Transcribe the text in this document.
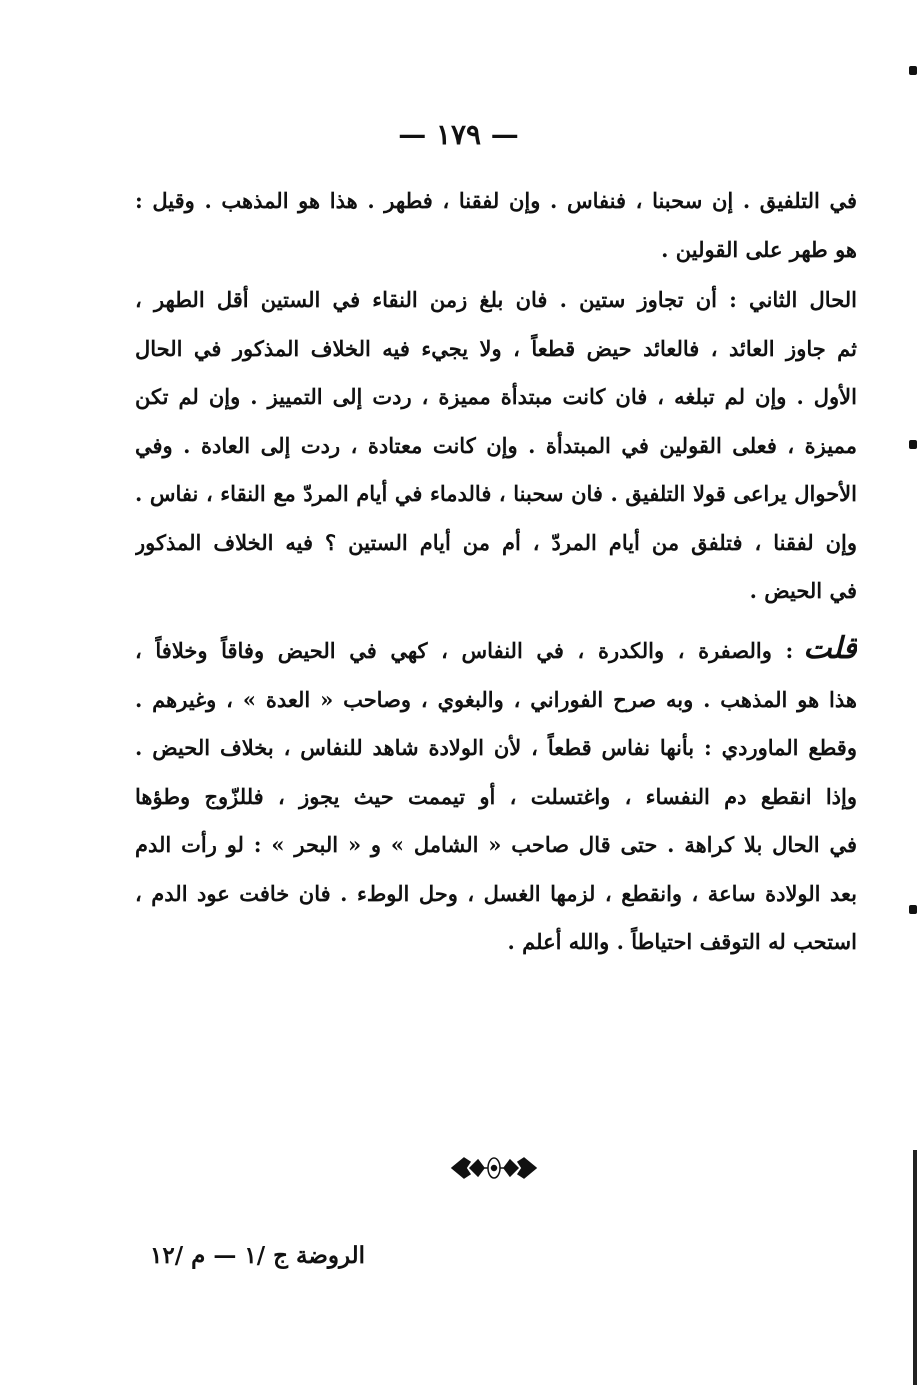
— ١٧٩ —
في التلفيق . إن سحبنا ، فنفاس . وإن لفقنا ، فطهر . هذا هو المذهب . وقيل :
هو طهر على القولين .
الحال الثاني : أن تجاوز ستين . فان بلغ زمن النقاء في الستين أقل الطهر ،
ثم جاوز العائد ، فالعائد حيض قطعاً ، ولا يجيء فيه الخلاف المذكور في الحال
الأول . وإن لم تبلغه ، فان كانت مبتدأة مميزة ، ردت إلى التمييز . وإن لم تكن
مميزة ، فعلى القولين في المبتدأة . وإن كانت معتادة ، ردت إلى العادة . وفي
الأحوال يراعى قولا التلفيق . فان سحبنا ، فالدماء في أيام المردّ مع النقاء ، نفاس .
وإن لفقنا ، فتلفق من أيام المردّ ، أم من أيام الستين ؟ فيه الخلاف المذكور
في الحيض .
قلت: والصفرة ، والكدرة ، في النفاس ، كهي في الحيض وفاقاً وخلافاً ،
هذا هو المذهب . وبه صرح الفوراني ، والبغوي ، وصاحب « العدة » ، وغيرهم .
وقطع الماوردي : بأنها نفاس قطعاً ، لأن الولادة شاهد للنفاس ، بخلاف الحيض .
وإذا انقطع دم النفساء ، واغتسلت ، أو تيممت حيث يجوز ، فللزّوج وطؤها
في الحال بلا كراهة . حتى قال صاحب « الشامل » و « البحر » : لو رأت الدم
بعد الولادة ساعة ، وانقطع ، لزمها الغسل ، وحل الوطء . فان خافت عود الدم ،
استحب له التوقف احتياطاً . والله أعلم .
الروضة ج /١ — م /١٢
